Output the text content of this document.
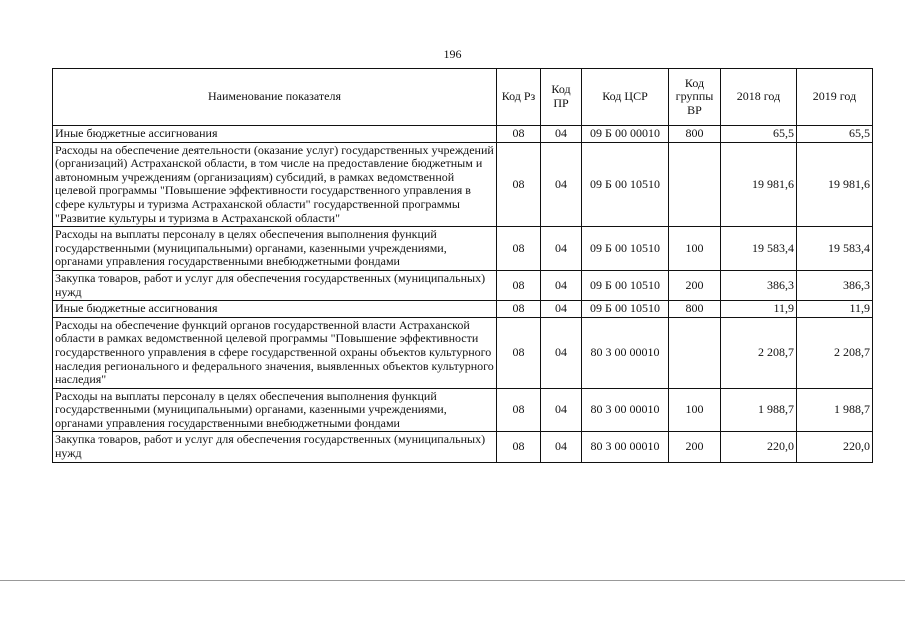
196
Наименование показателя	Код Рз	Код ПР	Код ЦСР	Код группы ВР	2018 год	2019 год
Иные бюджетные ассигнования	08	04	09 Б 00 00010	800	65,5	65,5
Расходы на обеспечение деятельности (оказание услуг) государственных учреждений (организаций) Астраханской области, в том числе на предоставление бюджетным и автономным учреждениям (организациям) субсидий, в рамках ведомственной целевой программы "Повышение эффективности государственного управления в сфере культуры и туризма Астраханской области" государственной программы "Развитие культуры и туризма в Астраханской области"	08	04	09 Б 00 10510		19 981,6	19 981,6
Расходы на выплаты персоналу в целях обеспечения выполнения функций государственными (муниципальными) органами, казенными учреждениями, органами управления государственными внебюджетными фондами	08	04	09 Б 00 10510	100	19 583,4	19 583,4
Закупка товаров, работ и услуг для обеспечения государственных (муниципальных) нужд	08	04	09 Б 00 10510	200	386,3	386,3
Иные бюджетные ассигнования	08	04	09 Б 00 10510	800	11,9	11,9
Расходы на обеспечение функций органов государственной власти Астраханской области в рамках ведомственной целевой программы "Повышение эффективности государственного управления в сфере государственной охраны объектов культурного наследия регионального и федерального значения, выявленных объектов культурного наследия"	08	04	80 3 00 00010		2 208,7	2 208,7
Расходы на выплаты персоналу в целях обеспечения выполнения функций государственными (муниципальными) органами, казенными учреждениями, органами управления государственными внебюджетными фондами	08	04	80 3 00 00010	100	1 988,7	1 988,7
Закупка товаров, работ и услуг для обеспечения государственных (муниципальных) нужд	08	04	80 3 00 00010	200	220,0	220,0
